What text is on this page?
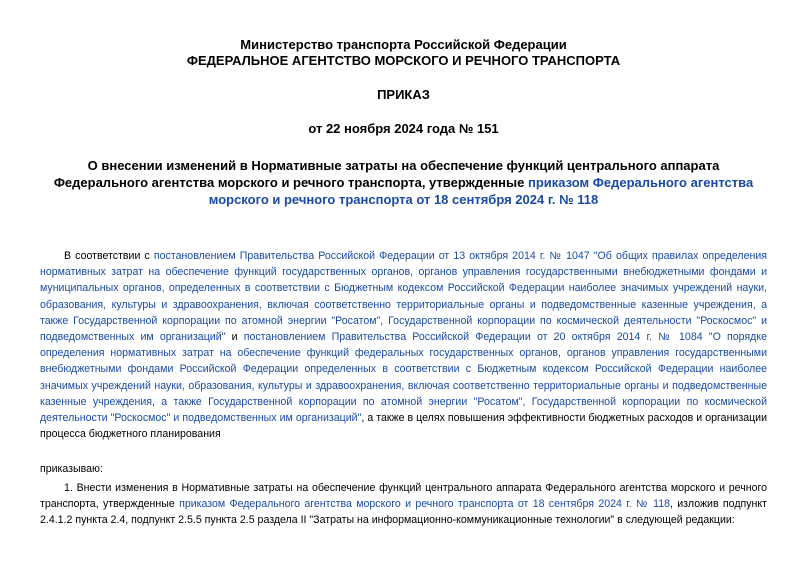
Министерство транспорта Российской Федерации
ФЕДЕРАЛЬНОЕ АГЕНТСТВО МОРСКОГО И РЕЧНОГО ТРАНСПОРТА
ПРИКАЗ
от 22 ноября 2024 года № 151
О внесении изменений в Нормативные затраты на обеспечение функций центрального аппарата Федерального агентства морского и речного транспорта, утвержденные приказом Федерального агентства морского и речного транспорта от 18 сентября 2024 г. № 118
В соответствии с постановлением Правительства Российской Федерации от 13 октября 2014 г. № 1047 "Об общих правилах определения нормативных затрат на обеспечение функций государственных органов, органов управления государственными внебюджетными фондами и муниципальных органов, определенных в соответствии с Бюджетным кодексом Российской Федерации наиболее значимых учреждений науки, образования, культуры и здравоохранения, включая соответственно территориальные органы и подведомственные казенные учреждения, а также Государственной корпорации по атомной энергии "Росатом", Государственной корпорации по космической деятельности "Роскосмос" и подведомственных им организаций" и постановлением Правительства Российской Федерации от 20 октября 2014 г. № 1084 "О порядке определения нормативных затрат на обеспечение функций федеральных государственных органов, органов управления государственными внебюджетными фондами Российской Федерации определенных в соответствии с Бюджетным кодексом Российской Федерации наиболее значимых учреждений науки, образования, культуры и здравоохранения, включая соответственно территориальные органы и подведомственные казенные учреждения, а также Государственной корпорации по атомной энергии "Росатом", Государственной корпорации по космической деятельности "Роскосмос" и подведомственных им организаций", а также в целях повышения эффективности бюджетных расходов и организации процесса бюджетного планирования
приказываю:
1. Внести изменения в Нормативные затраты на обеспечение функций центрального аппарата Федерального агентства морского и речного транспорта, утвержденные приказом Федерального агентства морского и речного транспорта от 18 сентября 2024 г. № 118, изложив подпункт 2.4.1.2 пункта 2.4, подпункт 2.5.5 пункта 2.5 раздела II "Затраты на информационно-коммуникационные технологии" в следующей редакции:
